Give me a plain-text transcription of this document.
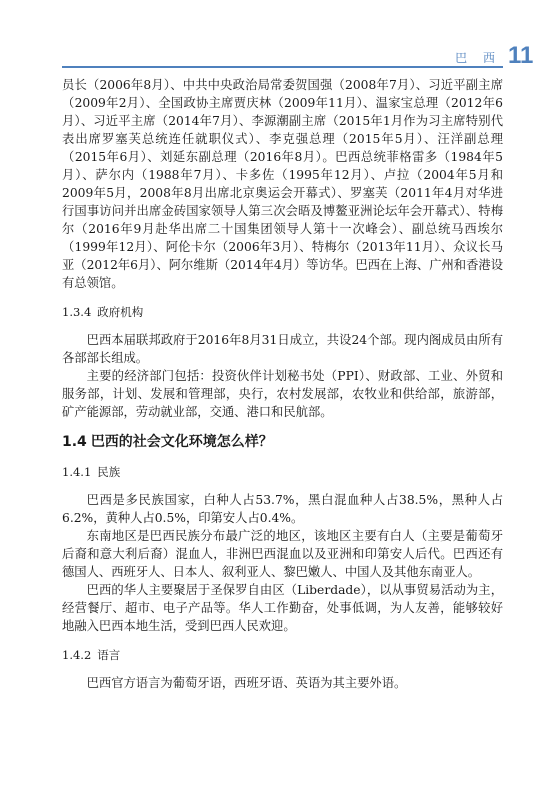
巴 西 11

员长（2006年8月）、中共中央政治局常委贺国强（2008年7月）、习近平副主席（2009年2月）、全国政协主席贾庆林（2009年11月）、温家宝总理（2012年6月）、习近平主席（2014年7月）、李源潮副主席（2015年1月作为习主席特别代表出席罗塞芙总统连任就职仪式）、李克强总理（2015年5月）、汪洋副总理（2015年6月）、刘延东副总理（2016年8月）。巴西总统菲格雷多（1984年5月）、萨尔内（1988年7月）、卡多佐（1995年12月）、卢拉（2004年5月和2009年5月，2008年8月出席北京奥运会开幕式）、罗塞芙（2011年4月对华进行国事访问并出席金砖国家领导人第三次会晤及博鳌亚洲论坛年会开幕式）、特梅尔（2016年9月赴华出席二十国集团领导人第十一次峰会）、副总统马西埃尔（1999年12月）、阿伦卡尔（2006年3月）、特梅尔（2013年11月）、众议长马亚（2012年6月）、阿尔维斯（2014年4月）等访华。巴西在上海、广州和香港设有总领馆。

1.3.4 政府机构

巴西本届联邦政府于2016年8月31日成立，共设24个部。现内阁成员由所有各部部长组成。

主要的经济部门包括：投资伙伴计划秘书处（PPI）、财政部、工业、外贸和服务部，计划、发展和管理部，央行，农村发展部，农牧业和供给部，旅游部，矿产能源部，劳动就业部，交通、港口和民航部。

1.4 巴西的社会文化环境怎么样？
1.4.1 民族

巴西是多民族国家，白种人占53.7%，黑白混血种人占38.5%，黑种人占6.2%，黄种人占0.5%，印第安人占0.4%。

东南地区是巴西民族分布最广泛的地区，该地区主要有白人（主要是葡萄牙后裔和意大利后裔）混血人，非洲巴西混血以及亚洲和印第安人后代。巴西还有德国人、西班牙人、日本人、叙利亚人、黎巴嫩人、中国人及其他东南亚人。

巴西的华人主要聚居于圣保罗自由区（Liberdade），以从事贸易活动为主，经营餐厅、超市、电子产品等。华人工作勤奋，处事低调，为人友善，能够较好地融入巴西本地生活，受到巴西人民欢迎。

1.4.2 语言

巴西官方语言为葡萄牙语，西班牙语、英语为其主要外语。
